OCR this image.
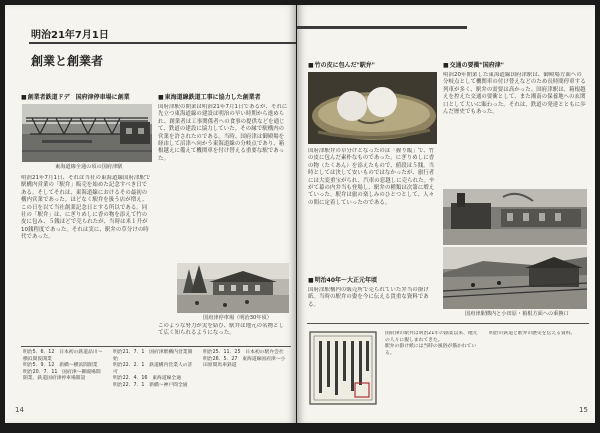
明治21年7月1日
創業と創業者
■ 創業者鉄道ドデ　国府津停車場に創業
東海道線全通の頃の国府津駅
明治21年7月1日、それは当社の東海道線国府津駅で駅構内営業の「駅弁」販売を始めた記念すべき日である。そしてそれは、東海道線におけるその最初の構内営業であった。ほどなく駅弁を扱う店が増え、この日を以て当社創業記念日とする所以である。同社の「駅弁」は、にぎりめしに香の物を添えて竹の皮に包み、５銭ほどで売られたが、当時は米１升が10銭程度であった。それは実に、駅弁の草分けの時代であった。
■ 東海道線鉄道工事に協力した創業者
国府津駅の開業は明治21年7月1日であるが、それに先立つ東海道線の建設は明治の早い時期から進められ、創業者は工事関係者への食事の提供などを通じて、鉄道の建設に協力していた。その縁で駅構内の営業を許されたのである。当時、国府津は御殿場を経由して沼津へ向かう東海道線の分岐点であり、箱根越えに備えて機関車を付け替える重要な駅であった。
国府津停車場（明治30年頃）
このような努力が実を結び、駅弁は地元の名物として広く知られるようになった。
明治5．6．12　日本初の鉄道品川～横浜間仮開業
明治5．9．12　新橋～横浜間開業
明治20．7．11　国府津～御殿場間開業、鉄道国府津停車場開設
明治21．7．1　国府津駅構内営業開始
明治22．2．1　鉄道構内営業人の許可
明治22．4．16　東海道線全通
明治22．7．1　新橋～神戸間全通
明治25．11．25　日本初の駅弁会社
明治26．5．27　東海道線国府津～小田原間馬車鉄道
14
■ 竹の皮に包んだ"駅弁"
国府津駅弁の草分けとなったのは「握り飯」で、竹の皮に包んだ素朴なものであった。にぎりめしに香の物（たくあん）を添えたもので、値段は５銭。当時としては決して安いものではなかったが、旅行者には大変重宝がられ、汽車の窓越しに売られた。やがて幕の内弁当も登場し、駅弁の種類は次第に増えていった。駅弁は旅の楽しみのひとつとして、人々の間に定着していったのである。
■ 明治40年～大正元年頃
国府津駅構内の販売所で売られていた弁当の掛け紙。当時の駅弁の姿を今に伝える貴重な資料である。
■ 交通の要衝"国府津"
明治20年開業した東海道線国府津駅は、御殿場方面への分岐点として機関車の付け替えなどのため長時間停車する列車が多く、駅弁の需要は高かった。国府津駅は、箱根越えを控えた交通の要衝として、また湘南の保養地への玄関口として大いに賑わった。それは、鉄道の発達とともに歩んだ歴史でもあった。
国府津駅構内と小田原・箱根方面への乗換口
国府津の駅弁は明治21年の創業以来、地元の人々に親しまれてきた。
駅弁の掛け紙には当時の風俗が描かれている。
明治の鉄道と駅弁の歴史を伝える資料。
15
